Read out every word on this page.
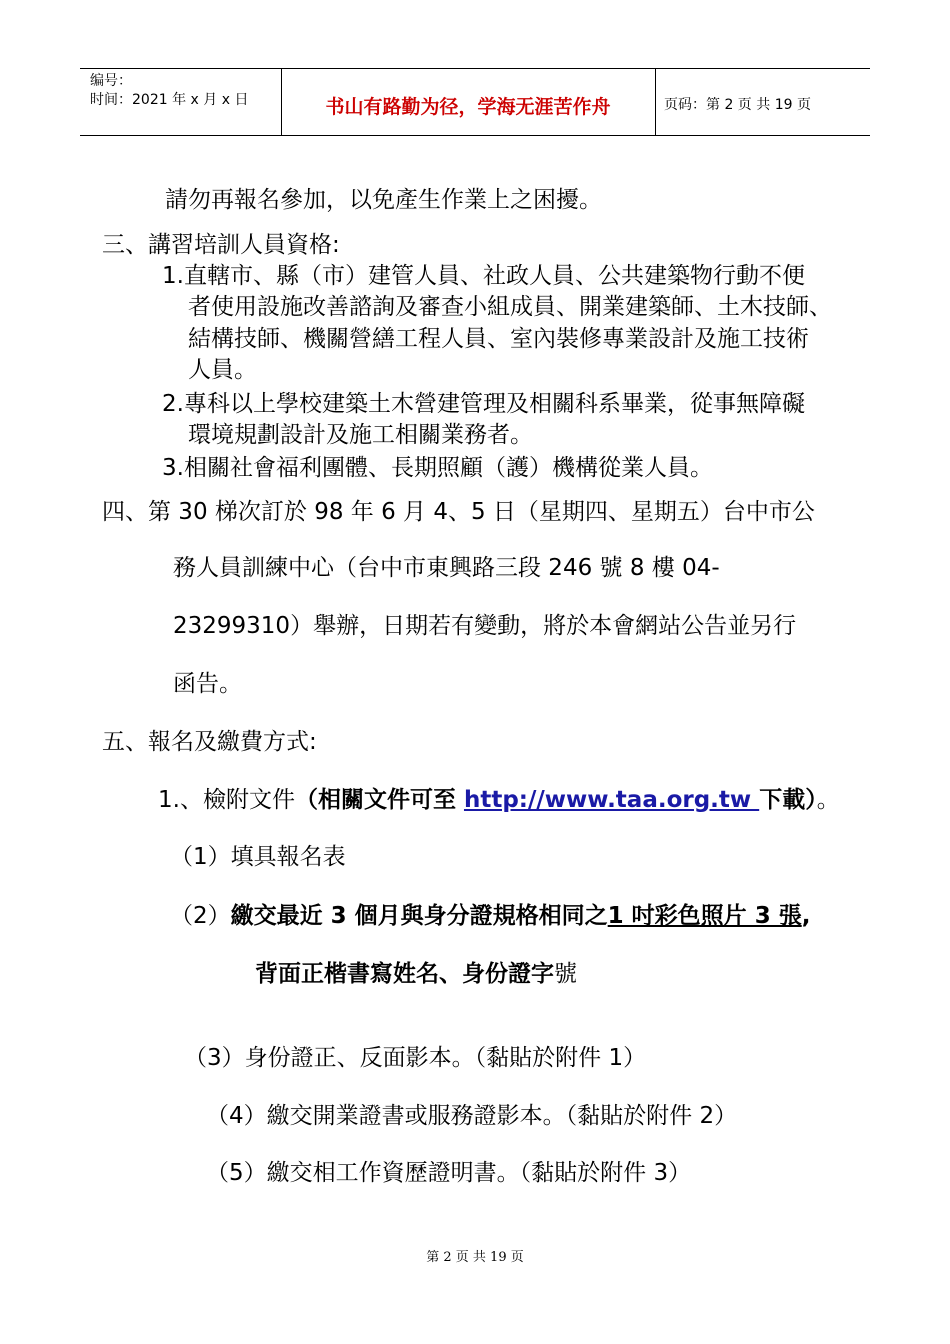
编号：
时间：2021 年 x 月 x 日	书山有路勤为径，学海无涯苦作舟	页码：第 2 页 共 19 页
請勿再報名參加，以免產生作業上之困擾。
三、講習培訓人員資格:
1.直轄市、縣（市）建管人員、社政人員、公共建築物行動不便
者使用設施改善諮詢及審查小組成員、開業建築師、土木技師、
結構技師、機關營繕工程人員、室內裝修專業設計及施工技術
人員。
2.專科以上學校建築土木營建管理及相關科系畢業，從事無障礙
環境規劃設計及施工相關業務者。
3.相關社會福利團體、長期照顧（護）機構從業人員。
四、第 30 梯次訂於 98 年 6 月 4、5 日（星期四、星期五）台中市公
務人員訓練中心（台中市東興路三段 246 號 8 樓 04-
23299310）舉辦，日期若有變動，將於本會網站公告並另行
函告。
五、報名及繳費方式:
1.、檢附文件（相關文件可至 http://www.taa.org.tw 下載）。
（1）填具報名表
（2）繳交最近 3 個月與身分證規格相同之1 吋彩色照片 3 張,
背面正楷書寫姓名、身份證字號
（3）身份證正、反面影本。（黏貼於附件 1）
（4）繳交開業證書或服務證影本。（黏貼於附件 2）
（5）繳交相工作資歷證明書。（黏貼於附件 3）
第 2 页 共 19 页
